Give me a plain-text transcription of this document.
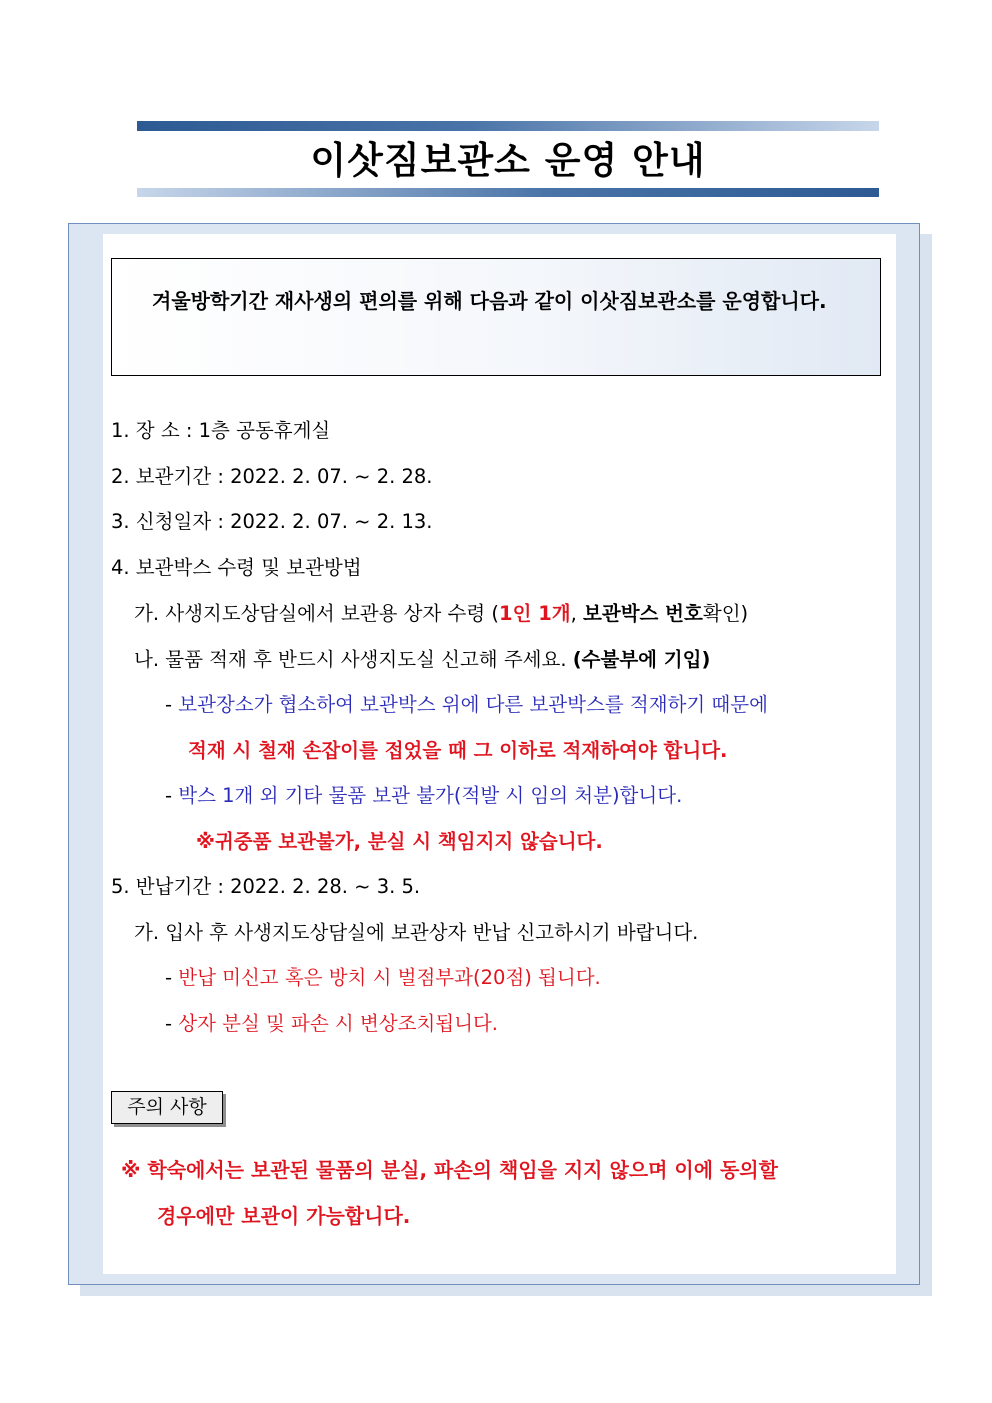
이삿짐보관소 운영 안내
겨울방학기간 재사생의 편의를 위해 다음과 같이 이삿짐보관소를 운영합니다.
1. 장 소 : 1층 공동휴게실
2. 보관기간 : 2022. 2. 07. ~ 2. 28.
3. 신청일자 : 2022. 2. 07. ~ 2. 13.
4. 보관박스 수령 및 보관방법
가. 사생지도상담실에서 보관용 상자 수령 (1인 1개, 보관박스 번호확인)
나. 물품 적재 후 반드시 사생지도실 신고해 주세요. (수불부에 기입)
- 보관장소가 협소하여 보관박스 위에 다른 보관박스를 적재하기 때문에
적재 시 철재 손잡이를 접었을 때 그 이하로 적재하여야 합니다.
- 박스 1개 외 기타 물품 보관 불가(적발 시 임의 처분)합니다.
※귀중품 보관불가, 분실 시 책임지지 않습니다.
5. 반납기간 : 2022. 2. 28. ~ 3. 5.
가. 입사 후 사생지도상담실에 보관상자 반납 신고하시기 바랍니다.
- 반납 미신고 혹은 방치 시 벌점부과(20점) 됩니다.
- 상자 분실 및 파손 시 변상조치됩니다.
주의 사항
※ 학숙에서는 보관된 물품의 분실, 파손의 책임을 지지 않으며 이에 동의할
경우에만 보관이 가능합니다.
